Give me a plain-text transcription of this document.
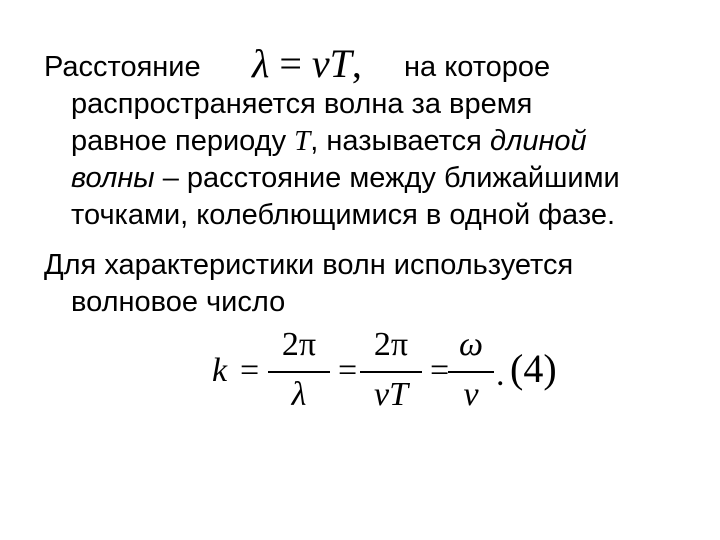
Расстояние λ = vT, на которое
распространяется волна за время
равное периоду T, называется длиной
волны – расстояние между ближайшими
точками, колеблющимися в одной фазе.
Для характеристики волн используется
волновое число
k =
2π
λ
=
2π
vT
=
ω
v
. (4)
